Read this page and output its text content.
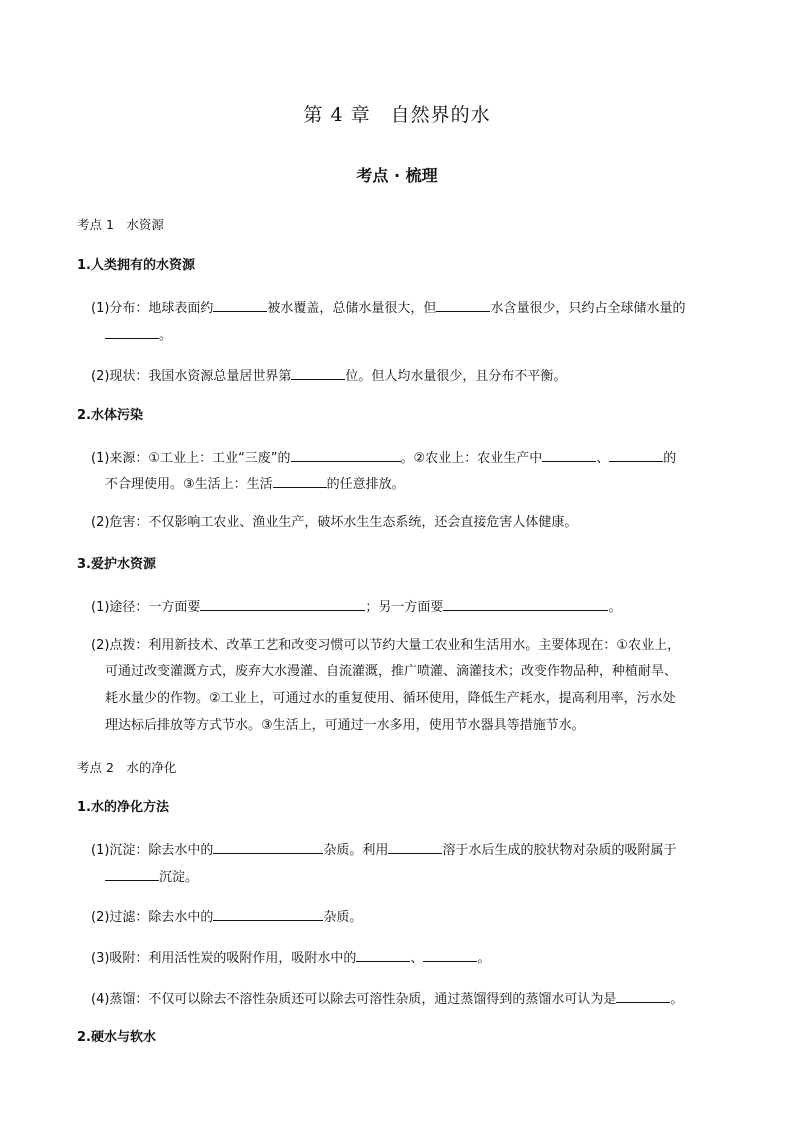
第 4 章　自然界的水
考点 · 梳理
考点 1　水资源
1.人类拥有的水资源
(1)分布：地球表面约	被水覆盖，总储水量很大，但	水含量很少，只约占全球储水量的
。
(2)现状：我国水资源总量居世界第	位。但人均水量很少，且分布不平衡。
2.水体污染
(1)来源：①工业上：工业“三废”的	。②农业上：农业生产中	、	的
不合理使用。③生活上：生活	的任意排放。
(2)危害：不仅影响工农业、渔业生产，破坏水生生态系统，还会直接危害人体健康。
3.爱护水资源
(1)途径：一方面要	；另一方面要	。
(2)点拨：利用新技术、改革工艺和改变习惯可以节约大量工农业和生活用水。主要体现在：①农业上，
可通过改变灌溉方式，废弃大水漫灌、自流灌溉，推广喷灌、滴灌技术；改变作物品种，种植耐旱、
耗水量少的作物。②工业上，可通过水的重复使用、循环使用，降低生产耗水，提高利用率，污水处
理达标后排放等方式节水。③生活上，可通过一水多用，使用节水器具等措施节水。
考点 2　水的净化
1.水的净化方法
(1)沉淀：除去水中的	杂质。利用	溶于水后生成的胶状物对杂质的吸附属于
沉淀。
(2)过滤：除去水中的	杂质。
(3)吸附：利用活性炭的吸附作用，吸附水中的	、	。
(4)蒸馏：不仅可以除去不溶性杂质还可以除去可溶性杂质，通过蒸馏得到的蒸馏水可认为是	。
2.硬水与软水
